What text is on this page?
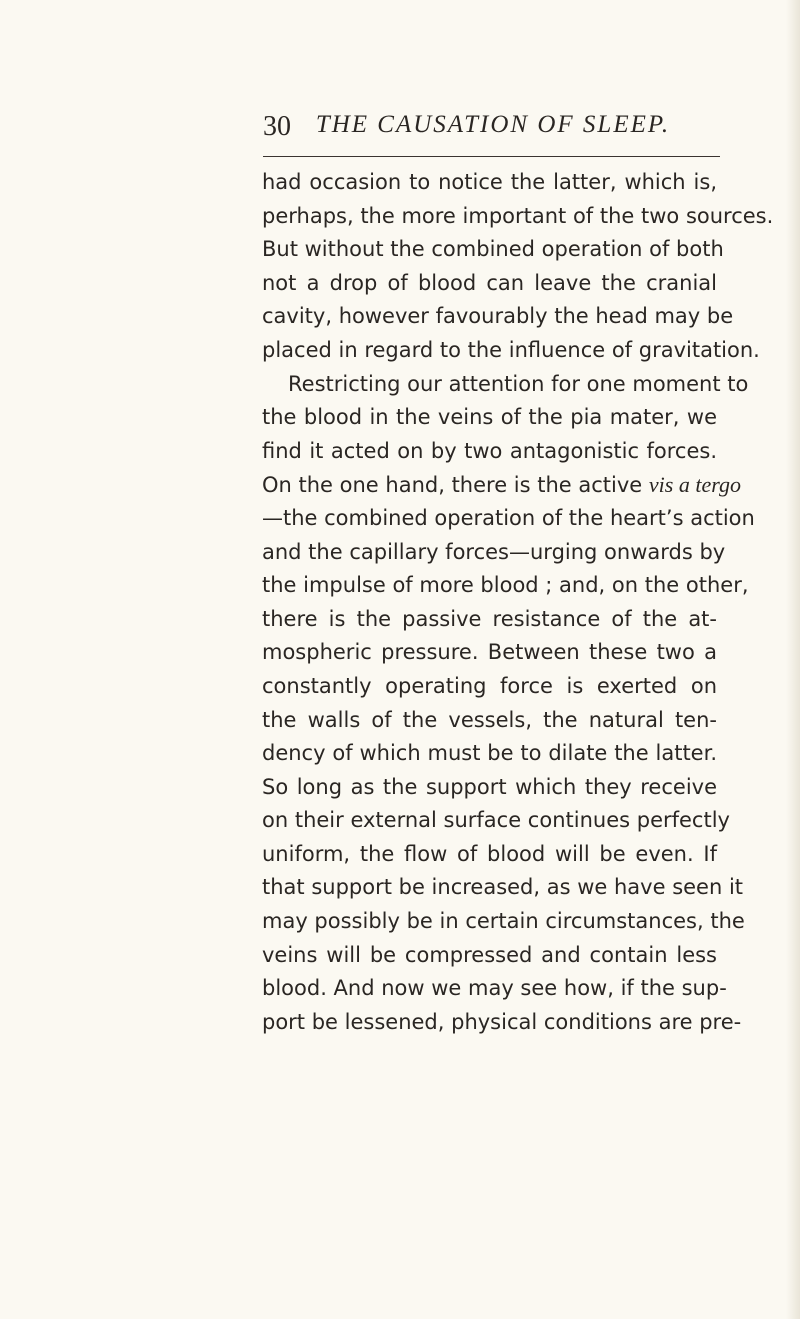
30 THE CAUSATION OF SLEEP.
had occasion to notice the latter, which is,
perhaps, the more important of the two sources.
But without the combined operation of both
not a drop of blood can leave the cranial
cavity, however favourably the head may be
placed in regard to the influence of gravitation.
Restricting our attention for one moment to
the blood in the veins of the pia mater, we
find it acted on by two antagonistic forces.
On the one hand, there is the active vis a tergo
—the combined operation of the heart’s action
and the capillary forces—urging onwards by
the impulse of more blood ; and, on the other,
there is the passive resistance of the at-
mospheric pressure. Between these two a
constantly operating force is exerted on
the walls of the vessels, the natural ten-
dency of which must be to dilate the latter.
So long as the support which they receive
on their external surface continues perfectly
uniform, the flow of blood will be even. If
that support be increased, as we have seen it
may possibly be in certain circumstances, the
veins will be compressed and contain less
blood. And now we may see how, if the sup-
port be lessened, physical conditions are pre-
